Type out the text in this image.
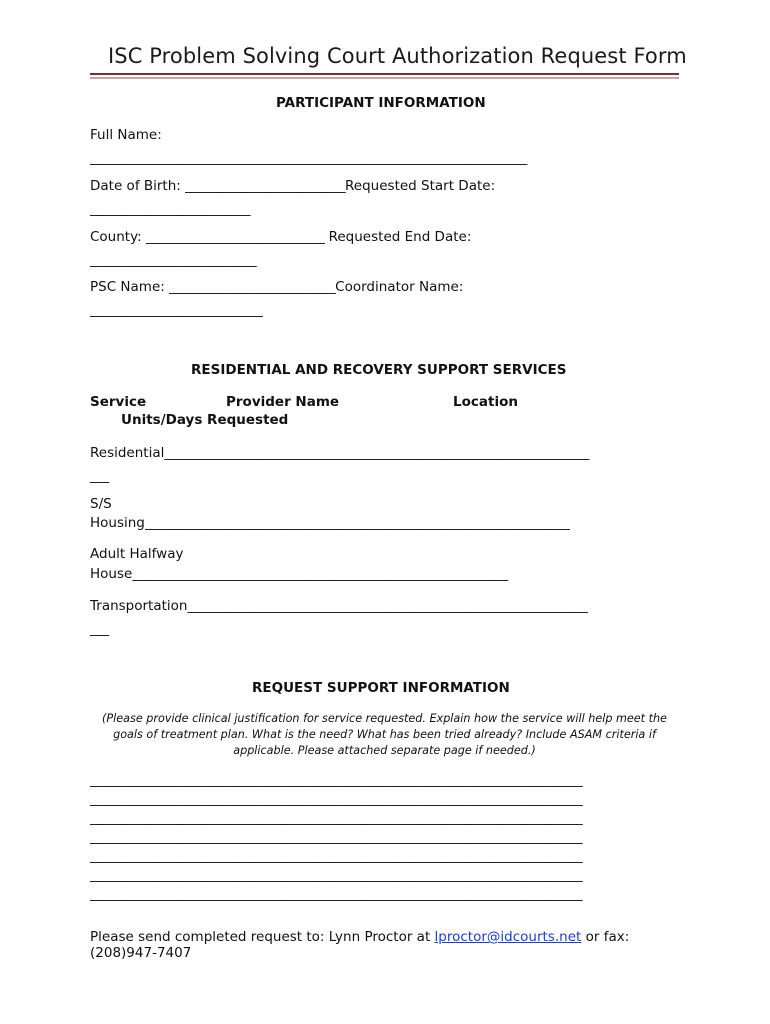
ISC Problem Solving Court Authorization Request Form
PARTICIPANT INFORMATION
Full Name:
_______________________________________________________________________
Date of Birth: __________________________Requested Start Date:
__________________________
County: _____________________________ Requested End Date:
___________________________
PSC Name: ___________________________Coordinator Name:
____________________________
RESIDENTIAL AND RECOVERY SUPPORT SERVICES
Service	Provider Name	Location
Units/Days Requested
Residential_____________________________________________________________________
___
S/S
Housing_____________________________________________________________________
Adult Halfway
House_____________________________________________________________
Transportation_________________________________________________________________
___
REQUEST SUPPORT INFORMATION
(Please provide clinical justification for service requested. Explain how the service will help meet the goals of treatment plan. What is the need? What has been tried already? Include ASAM criteria if applicable. Please attached separate page if needed.)
________________________________________________________________________________
________________________________________________________________________________
________________________________________________________________________________
________________________________________________________________________________
________________________________________________________________________________
________________________________________________________________________________
________________________________________________________________________________
Please send completed request to: Lynn Proctor at lproctor@idcourts.net or fax:
(208)947-7407
